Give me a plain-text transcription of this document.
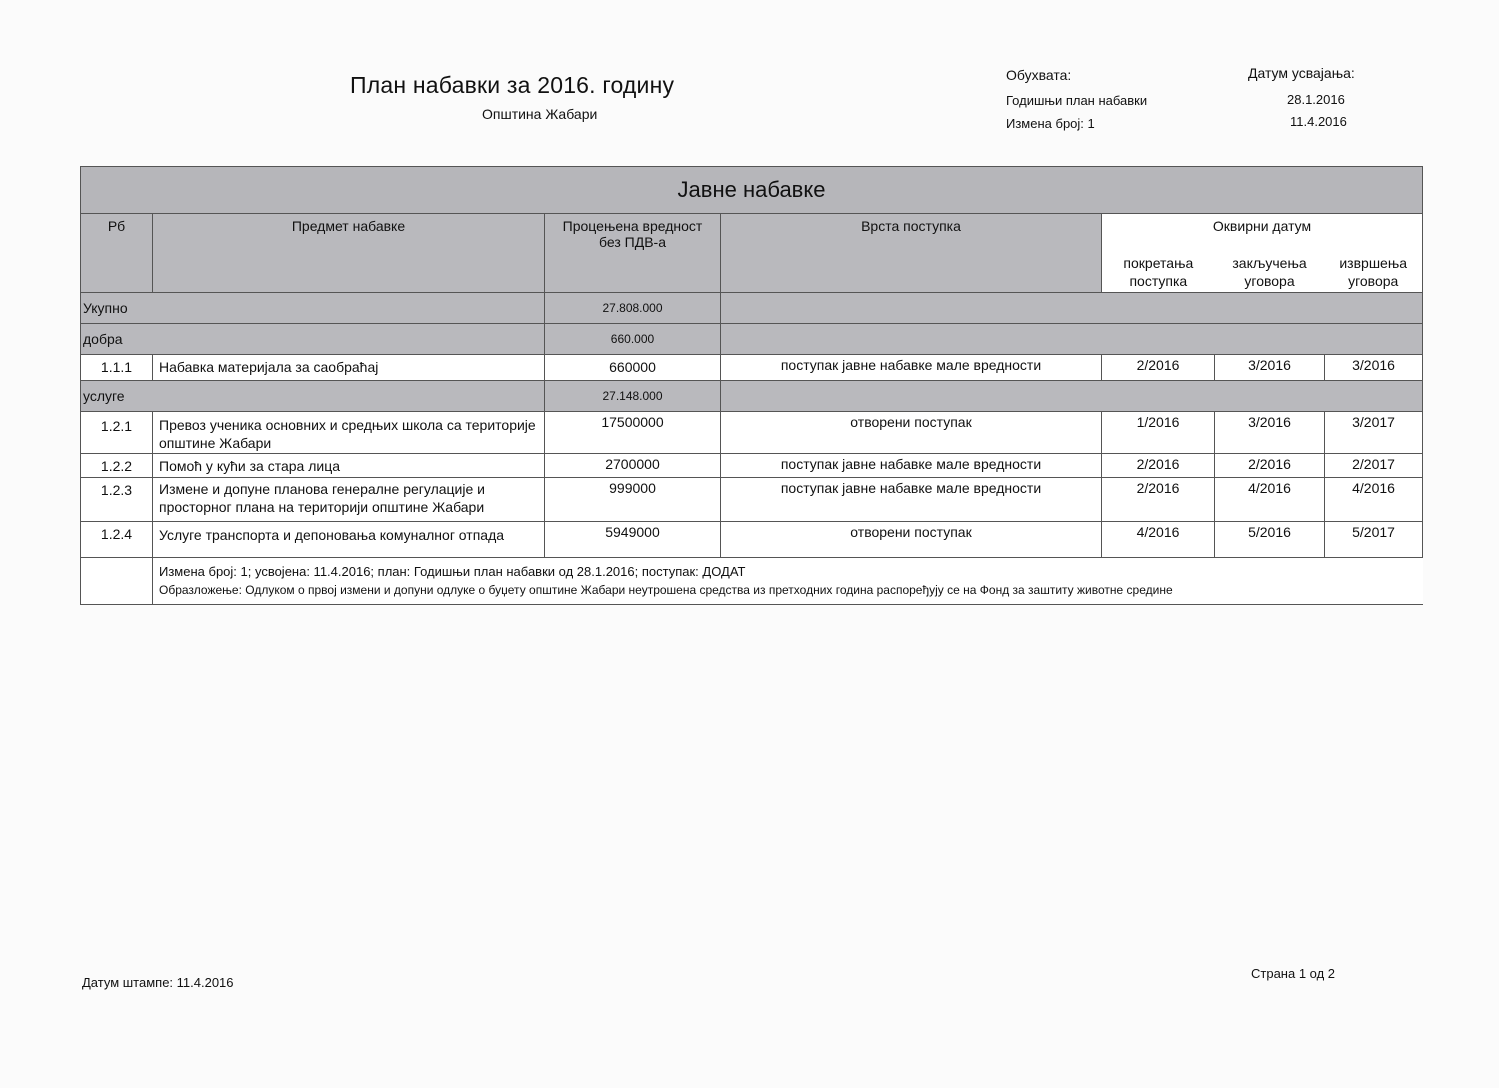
План набавки за 2016. годину
Општина Жабари
Обухвата:	Датум усвајања:
Годишњи план набавки	28.1.2016
Измена број: 1	11.4.2016
Јавне набавке						
Рб	Предмет набавке	Процењена вредност без ПДВ-а	Врста поступка	Оквирни датум
покретања поступка
закључења уговора
извршења уговора		

Укупно		27.808.000				
добра		660.000				
1.1.1	Набавка материјала за саобраћај	660000	поступак јавне набавке мале вредности	2/2016	3/2016	3/2016
услуге		27.148.000				
1.2.1	Превоз ученика основних и средњих школа са територије општине Жабари	17500000	отворени поступак	1/2016	3/2016	3/2017
1.2.2	Помоћ у кући за стара лица	2700000	поступак јавне набавке мале вредности	2/2016	2/2016	2/2017
1.2.3	Измене и допуне планова генералне регулације и просторног плана на територији општине Жабари	999000	поступак јавне набавке мале вредности	2/2016	4/2016	4/2016
1.2.4	Услуге транспорта и депоновања комуналног отпада	5949000	отворени поступак	4/2016	5/2016	5/2017

	Измена број: 1; усвојена: 11.4.2016; план: Годишњи план набавки од 28.1.2016; поступак: ДОДАТ
Образложење: Одлуком о првој измени и допуни одлуке о буџету општине Жабари неутрошена средства из претходних година распоређују се на Фонд за заштиту животне средине					
Датум штампе: 11.4.2016
Страна 1 од 2
